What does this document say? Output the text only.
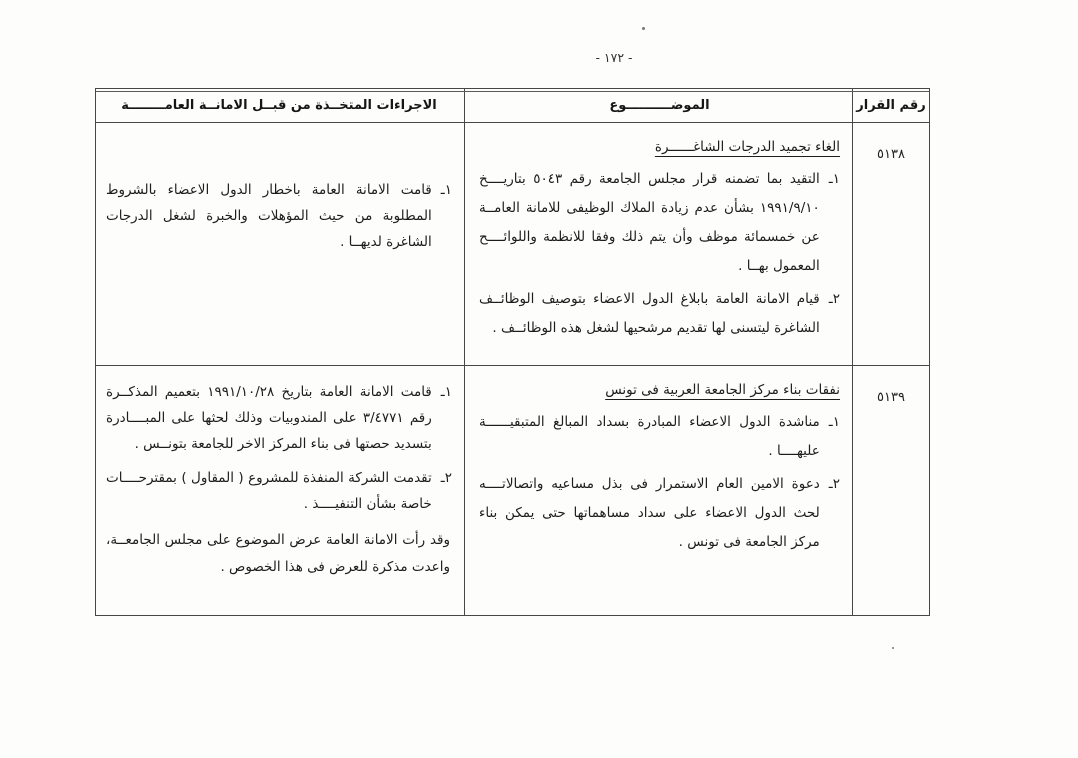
- ١٧٢ -
رقم القرار
الموضــــــــــوع
الاجراءات المتخــذة من قبــل الامانــة العامــــــــة
٥١٣٨
الغاء تجميد الدرجات الشاغــــــرة
١ـ
التقيد بما تضمنه قرار مجلس الجامعة رقم ٥٠٤٣ بتاريــــخ ١٩٩١/٩/١٠ بشأن عدم زيادة الملاك الوظيفى للامانة العامــة عن خمسمائة موظف وأن يتم ذلك وفقا للانظمة واللوائــــح المعمول بهــا .
٢ـ
قيام الامانة العامة بابلاغ الدول الاعضاء بتوصيف الوظائــف الشاغرة ليتسنى لها تقديم مرشحيها لشغل هذه الوظائــف .
١ـ
قامت الامانة العامة باخطار الدول الاعضاء بالشروط المطلوبة من حيث المؤهلات والخبرة لشغل الدرجات الشاغرة لديهــا .
٥١٣٩
نفقات بناء مركز الجامعة العربية فى تونس
١ـ
مناشدة الدول الاعضاء المبادرة بسداد المبالغ المتبقيــــــة عليهــــا .
٢ـ
دعوة الامين العام الاستمرار فى بذل مساعيه واتصالاتــــه لحث الدول الاعضاء على سداد مساهماتها حتى يمكن بناء مركز الجامعة فى تونس .
١ـ
قامت الامانة العامة بتاريخ ١٩٩١/١٠/٢٨ بتعميم المذكــرة رقم ٣/٤٧٧١ على المندوبيات وذلك لحثها على المبــــادرة بتسديد حصتها فى بناء المركز الاخر للجامعة بتونــس .
٢ـ
تقدمت الشركة المنفذة للمشروع ( المقاول ) بمقترحــــات خاصة بشأن التنفيــــذ .
وقد رأت الامانة العامة عرض الموضوع على مجلس الجامعــة، واعدت مذكرة للعرض فى هذا الخصوص .
